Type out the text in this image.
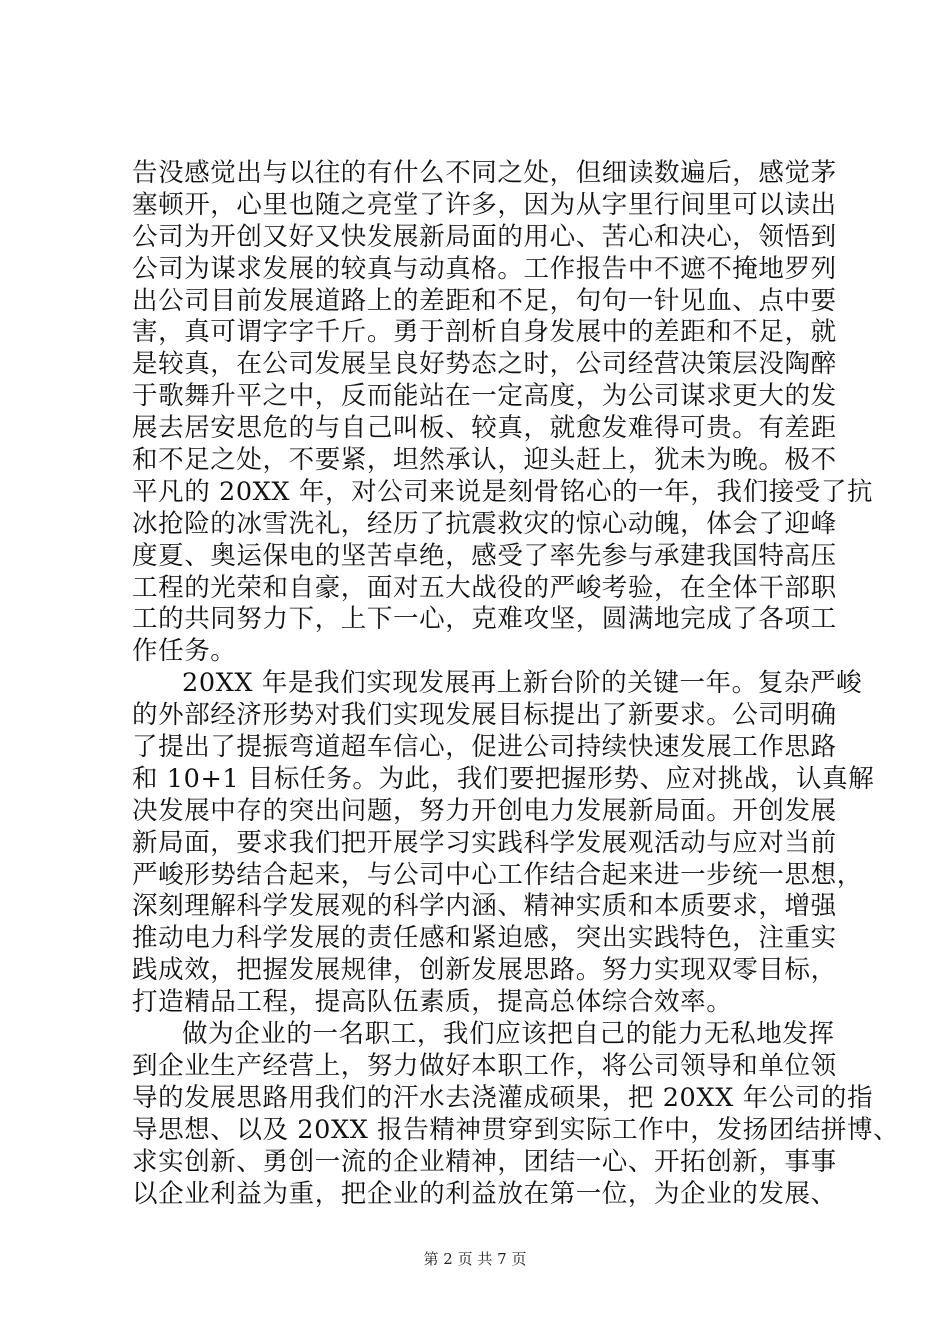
告没感觉出与以往的有什么不同之处，但细读数遍后，感觉茅
塞顿开，心里也随之亮堂了许多，因为从字里行间里可以读出
公司为开创又好又快发展新局面的用心、苦心和决心，领悟到
公司为谋求发展的较真与动真格。工作报告中不遮不掩地罗列
出公司目前发展道路上的差距和不足，句句一针见血、点中要
害，真可谓字字千斤。勇于剖析自身发展中的差距和不足，就
是较真，在公司发展呈良好势态之时，公司经营决策层没陶醉
于歌舞升平之中，反而能站在一定高度，为公司谋求更大的发
展去居安思危的与自己叫板、较真，就愈发难得可贵。有差距
和不足之处，不要紧，坦然承认，迎头赶上，犹未为晚。极不
平凡的 20XX 年，对公司来说是刻骨铭心的一年，我们接受了抗
冰抢险的冰雪洗礼，经历了抗震救灾的惊心动魄，体会了迎峰
度夏、奥运保电的坚苦卓绝，感受了率先参与承建我国特高压
工程的光荣和自豪，面对五大战役的严峻考验，在全体干部职
工的共同努力下，上下一心，克难攻坚，圆满地完成了各项工
作任务。
20XX 年是我们实现发展再上新台阶的关键一年。复杂严峻
的外部经济形势对我们实现发展目标提出了新要求。公司明确
了提出了提振弯道超车信心，促进公司持续快速发展工作思路
和 10+1 目标任务。为此，我们要把握形势、应对挑战，认真解
决发展中存的突出问题，努力开创电力发展新局面。开创发展
新局面，要求我们把开展学习实践科学发展观活动与应对当前
严峻形势结合起来，与公司中心工作结合起来进一步统一思想，
深刻理解科学发展观的科学内涵、精神实质和本质要求，增强
推动电力科学发展的责任感和紧迫感，突出实践特色，注重实
践成效，把握发展规律，创新发展思路。努力实现双零目标，
打造精品工程，提高队伍素质，提高总体综合效率。
做为企业的一名职工，我们应该把自己的能力无私地发挥
到企业生产经营上，努力做好本职工作，将公司领导和单位领
导的发展思路用我们的汗水去浇灌成硕果，把 20XX 年公司的指
导思想、以及 20XX 报告精神贯穿到实际工作中，发扬团结拼博、
求实创新、勇创一流的企业精神，团结一心、开拓创新，事事
以企业利益为重，把企业的利益放在第一位，为企业的发展、
第 2 页 共 7 页
